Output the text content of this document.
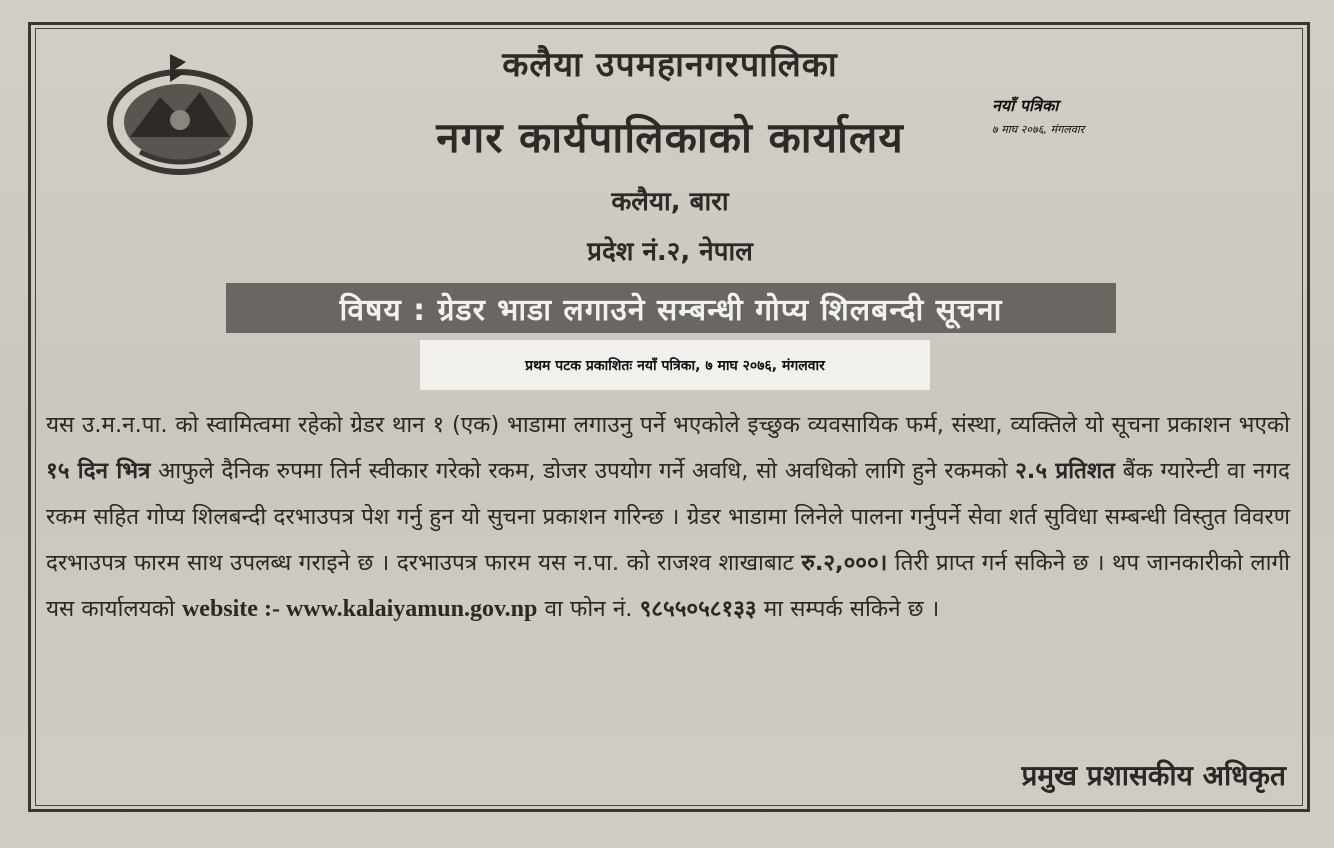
कलैया उपमहानगरपालिका
नगर कार्यपालिकाको कार्यालय
कलैया, बारा
प्रदेश नं.२, नेपाल
नयाँ पत्रिका
७ माघ २०७६, मंगलवार
विषय : ग्रेडर भाडा लगाउने सम्बन्धी गोप्य शिलबन्दी सूचना
प्रथम पटक प्रकाशितः नयाँ पत्रिका, ७ माघ २०७६, मंगलवार
यस उ.म.न.पा. को स्वामित्वमा रहेको ग्रेडर थान १ (एक) भाडामा लगाउनु पर्ने भएकोले इच्छुक व्यवसायिक फर्म, संस्था, व्यक्तिले यो सूचना प्रकाशन भएको १५ दिन भित्र आफुले दैनिक रुपमा तिर्न स्वीकार गरेको रकम, डोजर उपयोग गर्ने अवधि, सो अवधिको लागि हुने रकमको २.५ प्रतिशत बैंक ग्यारेन्टी वा नगद रकम सहित गोप्य शिलबन्दी दरभाउपत्र पेश गर्नु हुन यो सुचना प्रकाशन गरिन्छ । ग्रेडर भाडामा लिनेले पालना गर्नुपर्ने सेवा शर्त सुविधा सम्बन्धी विस्तुत विवरण दरभाउपत्र फारम साथ उपलब्ध गराइने छ । दरभाउपत्र फारम यस न.पा. को राजश्व शाखाबाट रु.२,०००। तिरी प्राप्त गर्न सकिने छ । थप जानकारीको लागी यस कार्यालयको website :- www.kalaiyamun.gov.np वा फोन नं. ९८५५०५८१३३ मा सम्पर्क सकिने छ ।
प्रमुख प्रशासकीय अधिकृत
